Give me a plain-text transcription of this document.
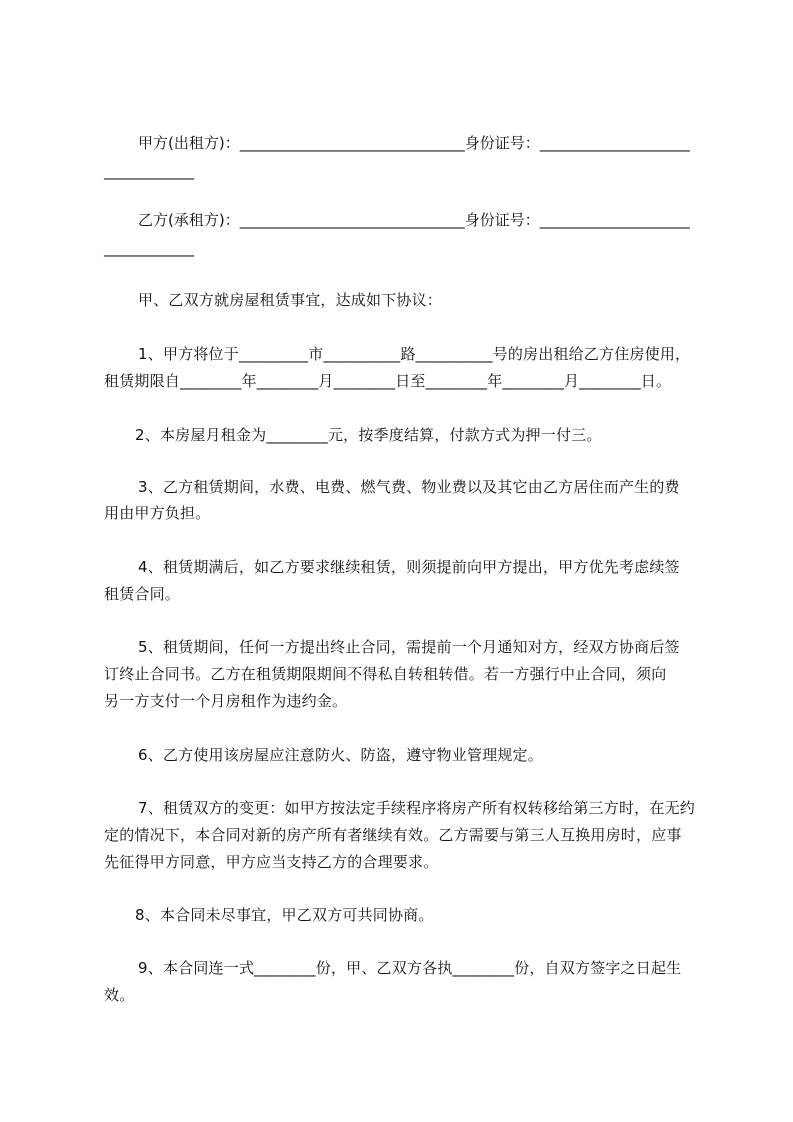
甲方(出租方)：______________________________身份证号：____________________
____________
乙方(承租方)：______________________________身份证号：____________________
____________
甲、乙双方就房屋租赁事宜，达成如下协议：
1、甲方将位于_________市__________路__________号的房出租给乙方住房使用，
租赁期限自________年________月________日至________年________月________日。
2、本房屋月租金为________元，按季度结算，付款方式为押一付三。
3、乙方租赁期间，水费、电费、燃气费、物业费以及其它由乙方居住而产生的费
用由甲方负担。
4、租赁期满后，如乙方要求继续租赁，则须提前向甲方提出，甲方优先考虑续签
租赁合同。
5、租赁期间，任何一方提出终止合同，需提前一个月通知对方，经双方协商后签
订终止合同书。乙方在租赁期限期间不得私自转租转借。若一方强行中止合同，须向
另一方支付一个月房租作为违约金。
6、乙方使用该房屋应注意防火、防盗，遵守物业管理规定。
7、租赁双方的变更：如甲方按法定手续程序将房产所有权转移给第三方时，在无约
定的情况下，本合同对新的房产所有者继续有效。乙方需要与第三人互换用房时，应事
先征得甲方同意，甲方应当支持乙方的合理要求。
8、本合同未尽事宜，甲乙双方可共同协商。
9、本合同连一式________份，甲、乙双方各执________份，自双方签字之日起生
效。
